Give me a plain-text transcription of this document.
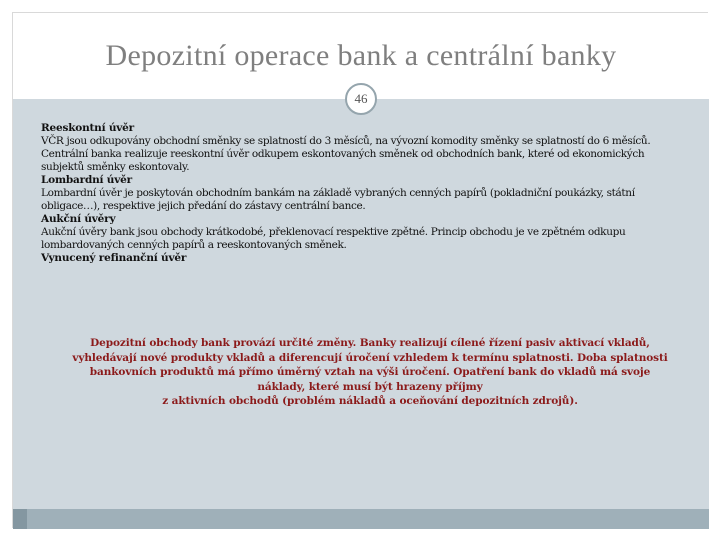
Depozitní operace bank a centrální banky
46

Reeskontní úvěr

VČR jsou odkupovány obchodní směnky se splatností do 3 měsíců, na vývozní komodity směnky se splatností do 6 měsíců.

Centrální banka realizuje reeskontní úvěr odkupem eskontovaných směnek od obchodních bank, které od ekonomických subjektů směnky eskontovaly.

Lombardní úvěr

Lombardní úvěr je poskytován obchodním bankám na základě vybraných cenných papírů (pokladniční poukázky, státní obligace…), respektive jejich předání do zástavy centrální bance.

Aukční úvěry

Aukční úvěry bank jsou obchody krátkodobé, překlenovací respektive zpětné. Princip obchodu je ve zpětném odkupu lombardovaných cenných papírů a reeskontovaných směnek.

Vynucený refinanční úvěr

Depozitní obchody bank provází určité změny. Banky realizují cílené řízení pasiv aktivací vkladů,

vyhledávají nové produkty vkladů a diferencují úročení vzhledem k termínu splatnosti. Doba splatnosti

bankovních produktů má přímo úměrný vztah na výši úročení. Opatření bank do vkladů má svoje

náklady, které musí být hrazeny příjmy

z aktivních obchodů (problém nákladů a oceňování depozitních zdrojů).
